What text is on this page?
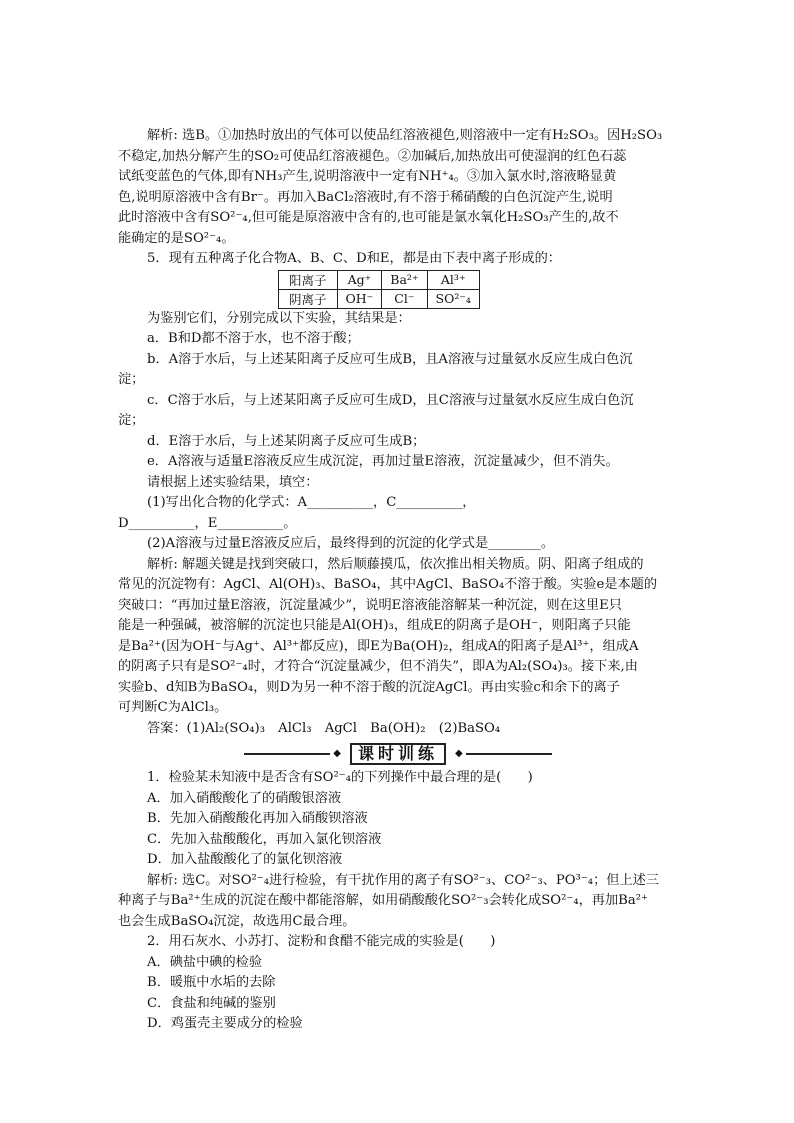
解析: 选B。①加热时放出的气体可以使品红溶液褪色,则溶液中一定有H₂SO₃。因H₂SO₃

不稳定,加热分解产生的SO₂可使品红溶液褪色。②加碱后,加热放出可使湿润的红色石蕊

试纸变蓝色的气体,即有NH₃产生,说明溶液中一定有NH⁺₄。③加入氯水时,溶液略显黄

色,说明原溶液中含有Br⁻。再加入BaCl₂溶液时,有不溶于稀硝酸的白色沉淀产生,说明

此时溶液中含有SO²⁻₄,但可能是原溶液中含有的,也可能是氯水氧化H₂SO₃产生的,故不

能确定的是SO²⁻₄。

5．现有五种离子化合物A、B、C、D和E，都是由下表中离子形成的：

阳离子	Ag⁺	Ba²⁺	Al³⁺
阴离子	OH⁻	Cl⁻	SO²⁻₄

为鉴别它们，分别完成以下实验，其结果是：

a．B和D都不溶于水，也不溶于酸；

b．A溶于水后，与上述某阳离子反应可生成B，且A溶液与过量氨水反应生成白色沉

淀；

c．C溶于水后，与上述某阳离子反应可生成D，且C溶液与过量氨水反应生成白色沉

淀；

d．E溶于水后，与上述某阴离子反应可生成B；

e．A溶液与适量E溶液反应生成沉淀，再加过量E溶液，沉淀量减少，但不消失。

请根据上述实验结果，填空：

(1)写出化合物的化学式：A__________，C__________，

D__________，E__________。

(2)A溶液与过量E溶液反应后，最终得到的沉淀的化学式是________。

解析: 解题关键是找到突破口，然后顺藤摸瓜，依次推出相关物质。阴、阳离子组成的

常见的沉淀物有：AgCl、Al(OH)₃、BaSO₄，其中AgCl、BaSO₄不溶于酸。实验e是本题的

突破口：“再加过量E溶液，沉淀量减少”，说明E溶液能溶解某一种沉淀，则在这里E只

能是一种强碱，被溶解的沉淀也只能是Al(OH)₃，组成E的阴离子是OH⁻，则阳离子只能

是Ba²⁺(因为OH⁻与Ag⁺、Al³⁺都反应)，即E为Ba(OH)₂，组成A的阳离子是Al³⁺，组成A

的阴离子只有是SO²⁻₄时，才符合“沉淀量减少，但不消失”，即A为Al₂(SO₄)₃。接下来,由

实验b、d知B为BaSO₄，则D为另一种不溶于酸的沉淀AgCl。再由实验c和余下的离子

可判断C为AlCl₃。

答案：(1)Al₂(SO₄)₃　AlCl₃　AgCl　Ba(OH)₂　(2)BaSO₄

◆	课时训练	◆

1．检验某未知液中是否含有SO²⁻₄的下列操作中最合理的是(　　)

A．加入硝酸酸化了的硝酸银溶液

B．先加入硝酸酸化再加入硝酸钡溶液

C．先加入盐酸酸化，再加入氯化钡溶液

D．加入盐酸酸化了的氯化钡溶液

解析: 选C。对SO²⁻₄进行检验，有干扰作用的离子有SO²⁻₃、CO²⁻₃、PO³⁻₄；但上述三

种离子与Ba²⁺生成的沉淀在酸中都能溶解，如用硝酸酸化SO²⁻₃会转化成SO²⁻₄，再加Ba²⁺

也会生成BaSO₄沉淀，故选用C最合理。

2．用石灰水、小苏打、淀粉和食醋不能完成的实验是(　　)

A．碘盐中碘的检验

B．暖瓶中水垢的去除

C．食盐和纯碱的鉴别

D．鸡蛋壳主要成分的检验
